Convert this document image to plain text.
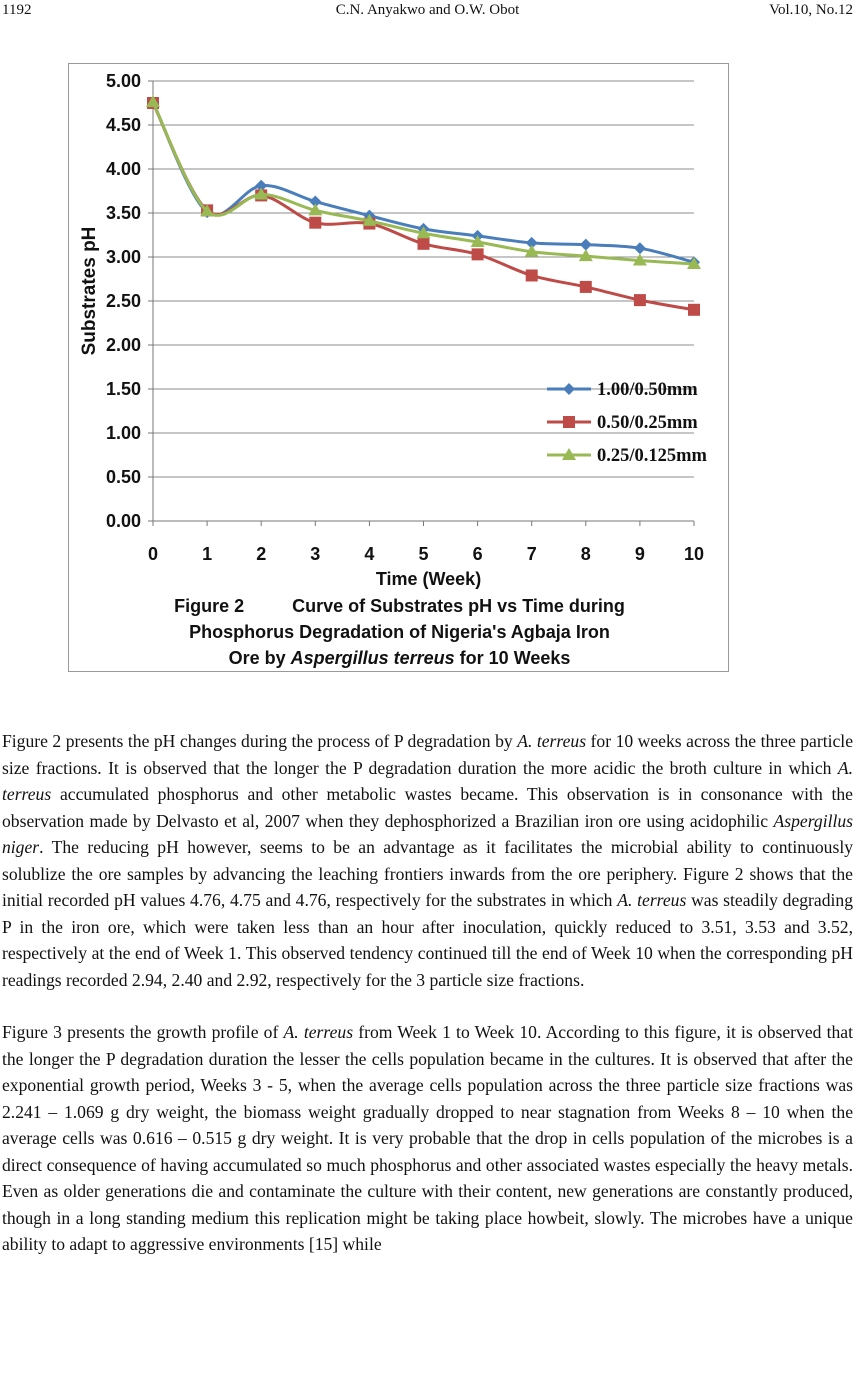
1192	C.N. Anyakwo and O.W. Obot	Vol.10, No.12
0.00
0.50
1.00
1.50
2.00
2.50
3.00
3.50
4.00
4.50
5.00
0 1 2 3 4 5 6 7 8 9 10
Time (Week)
Substrates pH
1.00/0.50mm
0.50/0.25mm
0.25/0.125mm
Figure 2	Curve of Substrates pH vs Time during
Phosphorus Degradation of Nigeria's Agbaja Iron
Ore by Aspergillus terreus for 10 Weeks

Figure 2 presents the pH changes during the process of P degradation by A. terreus for 10 weeks across the three particle size fractions. It is observed that the longer the P degradation duration the more acidic the broth culture in which A. terreus accumulated phosphorus and other metabolic wastes became. This observation is in consonance with the observation made by Delvasto et al, 2007 when they dephosphorized a Brazilian iron ore using acidophilic Aspergillus niger. The reducing pH however, seems to be an advantage as it facilitates the microbial ability to continuously solublize the ore samples by advancing the leaching frontiers inwards from the ore periphery. Figure 2 shows that the initial recorded pH values 4.76, 4.75 and 4.76, respectively for the substrates in which A. terreus was steadily degrading P in the iron ore, which were taken less than an hour after inoculation, quickly reduced to 3.51, 3.53 and 3.52, respectively at the end of Week 1. This observed tendency continued till the end of Week 10 when the corresponding pH readings recorded 2.94, 2.40 and 2.92, respectively for the 3 particle size fractions.

Figure 3 presents the growth profile of A. terreus from Week 1 to Week 10. According to this figure, it is observed that the longer the P degradation duration the lesser the cells population became in the cultures. It is observed that after the exponential growth period, Weeks 3 - 5, when the average cells population across the three particle size fractions was 2.241 – 1.069 g dry weight, the biomass weight gradually dropped to near stagnation from Weeks 8 – 10 when the average cells was 0.616 – 0.515 g dry weight. It is very probable that the drop in cells population of the microbes is a direct consequence of having accumulated so much phosphorus and other associated wastes especially the heavy metals. Even as older generations die and contaminate the culture with their content, new generations are constantly produced, though in a long standing medium this replication might be taking place howbeit, slowly. The microbes have a unique ability to adapt to aggressive environments [15] while
